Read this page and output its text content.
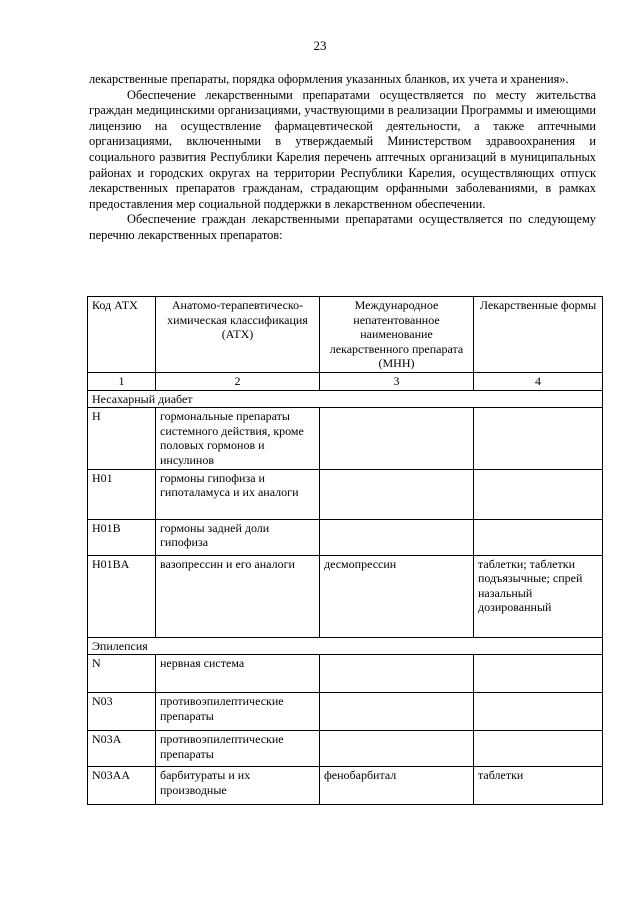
23

лекарственные препараты, порядка оформления указанных бланков, их учета и хранения».

Обеспечение лекарственными препаратами осуществляется по месту жительства граждан медицинскими организациями, участвующими в реализации Программы и имеющими лицензию на осуществление фармацевтической деятельности, а также аптечными организациями, включенными в утверждаемый Министерством здравоохранения и социального развития Республики Карелия перечень аптечных организаций в муниципальных районах и городских округах на территории Республики Карелия, осуществляющих отпуск лекарственных препаратов гражданам, страдающим орфанными заболеваниями, в рамках предоставления мер социальной поддержки в лекарственном обеспечении.

Обеспечение граждан лекарственными препаратами осуществляется по следующему перечню лекарственных препаратов:

Код АТХ	Анатомо-терапевтическо-химическая классификация (АТХ)	Международное непатентованное наименование лекарственного препарата (МНН)	Лекарственные формы
1	2	3	4
Несахарный диабет			
H	гормональные препараты системного действия, кроме половых гормонов и инсулинов		
H01	гормоны гипофиза и гипоталамуса и их аналоги		
H01B	гормоны задней доли гипофиза		
H01BA	вазопрессин и его аналоги	десмопрессин	таблетки; таблетки подъязычные; спрей назальный дозированный
Эпилепсия			
N	нервная система		
N03	противоэпилептические препараты		
N03A	противоэпилептические препараты		
N03AA	барбитураты и их производные	фенобарбитал	таблетки
